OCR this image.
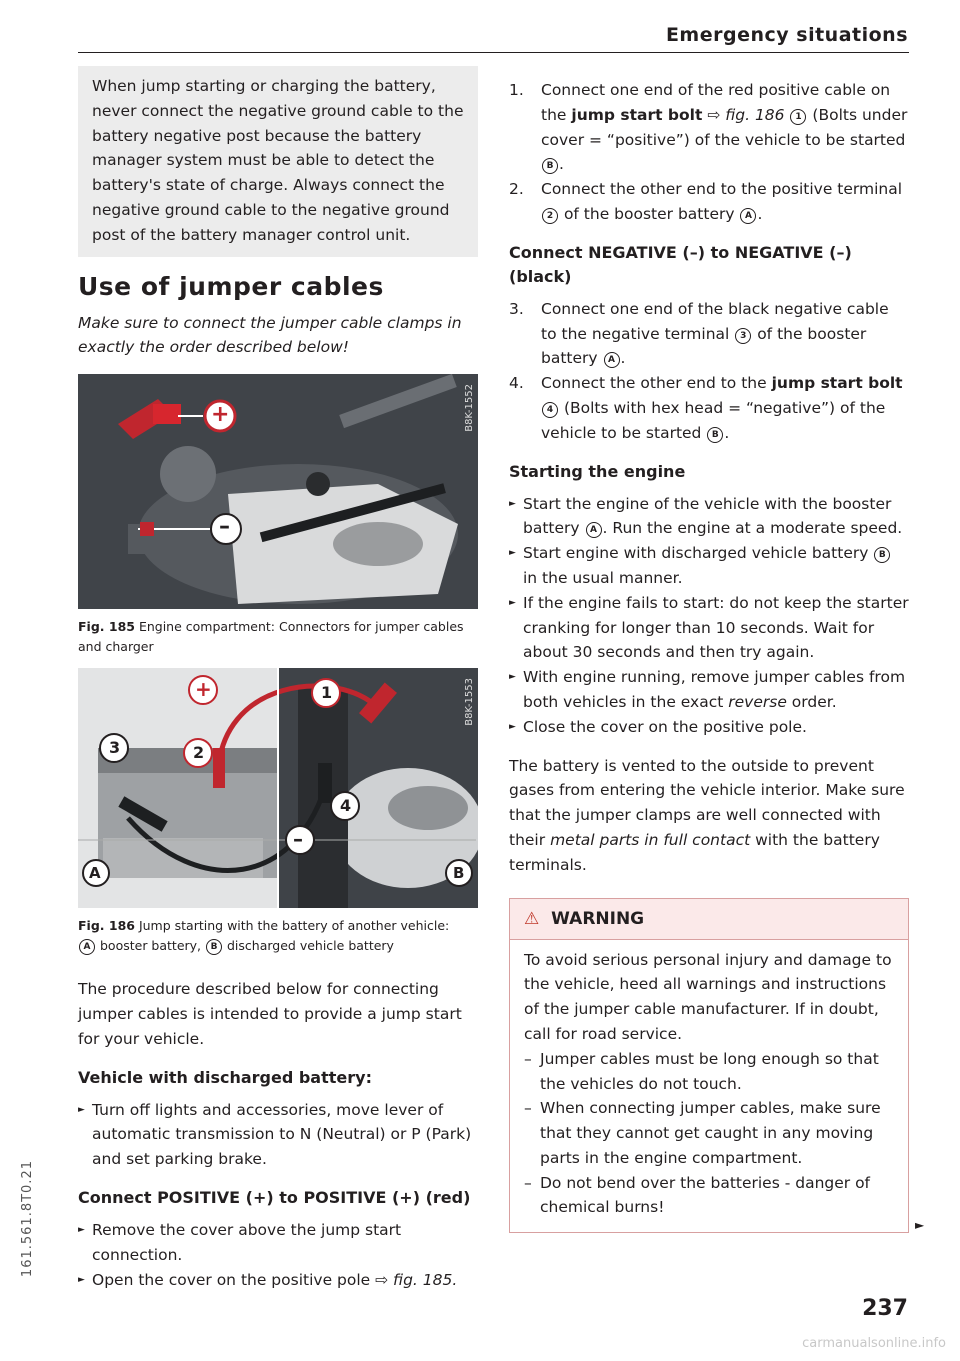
Emergency situations

When jump starting or charging the battery, never connect the negative ground cable to the battery negative post because the battery manager system must be able to detect the battery's state of charge. Always connect the negative ground cable to the negative ground post of the battery manager control unit.

Use of jumper cables

Make sure to connect the jumper cable clamps in exactly the order described below!

+
–
B8K-1552
Fig. 185 Engine compartment: Connectors for jumper cables and charger
A	B
3	2
1
4
+
–
B8K-1553
Fig. 186 Jump starting with the battery of another vehicle:
A booster battery, B discharged vehicle battery

The procedure described below for connecting jumper cables is intended to provide a jump start for your vehicle.

Vehicle with discharged battery:
► Turn off lights and accessories, move lever of automatic transmission to N (Neutral) or P (Park) and set parking brake.
Connect POSITIVE (+) to POSITIVE (+) (red)
► Remove the cover above the jump start connection.
► Open the cover on the positive pole ⇨ fig. 185.
1. Connect one end of the red positive cable on the jump start bolt ⇨ fig. 186 1 (Bolts under cover = “positive”) of the vehicle to be started B .
2. Connect the other end to the positive terminal 2 of the booster battery A .
Connect NEGATIVE (–) to NEGATIVE (–) (black)
3. Connect one end of the black negative cable to the negative terminal 3 of the booster battery A .
4. Connect the other end to the jump start bolt 4 (Bolts with hex head = “negative”) of the vehicle to be started B .
Starting the engine
► Start the engine of the vehicle with the booster battery A . Run the engine at a moderate speed.
► Start engine with discharged vehicle battery B in the usual manner.
► If the engine fails to start: do not keep the starter cranking for longer than 10 seconds. Wait for about 30 seconds and then try again.
► With engine running, remove jumper cables from both vehicles in the exact reverse order.
► Close the cover on the positive pole.

The battery is vented to the outside to prevent gases from entering the vehicle interior. Make sure that the jumper clamps are well connected with their metal parts in full contact with the battery terminals.

⚠ WARNING

To avoid serious personal injury and damage to the vehicle, heed all warnings and instructions of the jumper cable manufacturer. If in doubt, call for road service.

– Jumper cables must be long enough so that the vehicles do not touch.
– When connecting jumper cables, make sure that they cannot get caught in any moving parts in the engine compartment.
– Do not bend over the batteries - danger of chemical burns!
►
237
161.561.8T0.21
carmanualsonline.info
